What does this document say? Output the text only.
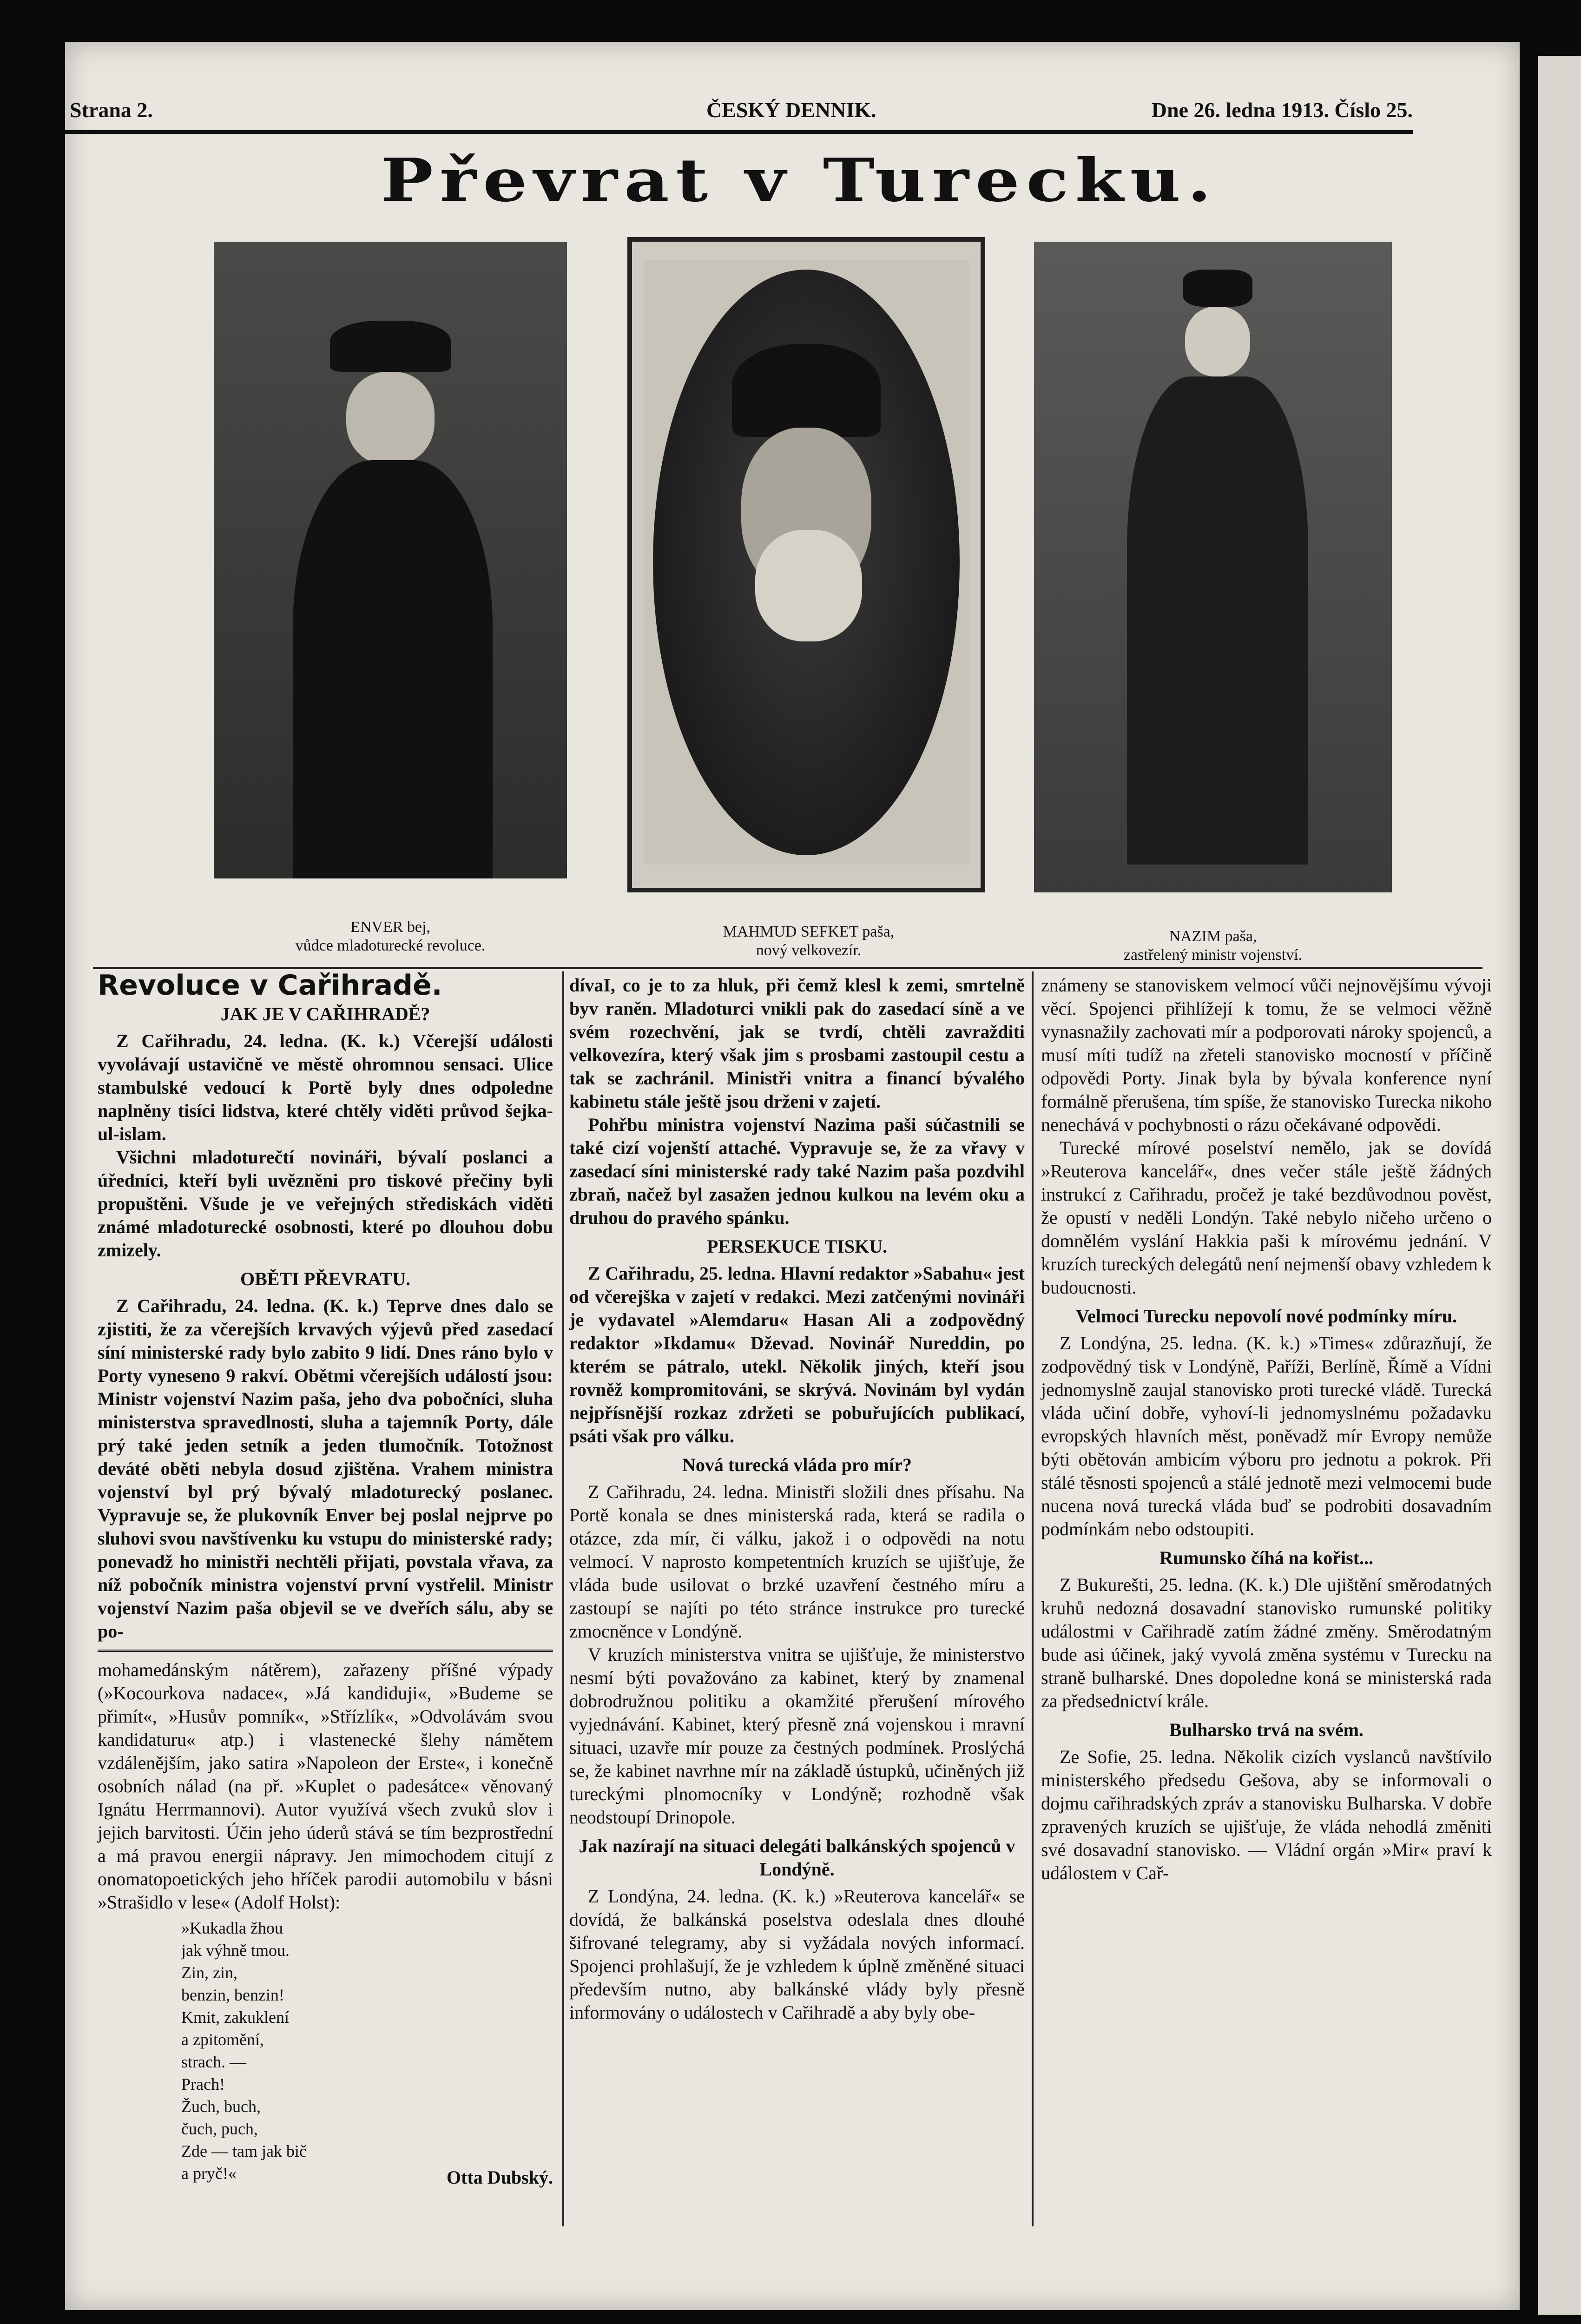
Strana 2.	ČESKÝ DENNIK.	Dne 26. ledna 1913. Číslo 25.
Převrat v Turecku.
ENVER bej,
vůdce mladoturecké revoluce.
MAHMUD SEFKET paša,
nový velkovezír.
NAZIM paša,
zastřelený ministr vojenství.
Revoluce v Cařihradě.
JAK JE V CAŘIHRADĚ?

Z Cařihradu, 24. ledna. (K. k.) Včerejší události vyvolávají ustavičně ve městě ohromnou sensaci. Ulice stambulské vedoucí k Portě byly dnes odpoledne naplněny tisíci lidstva, které chtěly viděti průvod šejka-ul-islam.

Všichni mladoturečtí novináři, bývalí poslanci a úředníci, kteří byli uvězněni pro tiskové přečiny byli propuštěni. Všude je ve veřejných střediskách viděti známé mladoturecké osobnosti, které po dlouhou dobu zmizely.

OBĚTI PŘEVRATU.

Z Cařihradu, 24. ledna. (K. k.) Teprve dnes dalo se zjistiti, že za včerejších krvavých výjevů před zasedací síní ministerské rady bylo zabito 9 lidí. Dnes ráno bylo v Porty vyneseno 9 rakví. Obětmi včerejších událostí jsou: Ministr vojenství Nazim paša, jeho dva pobočníci, sluha ministerstva spravedlnosti, sluha a tajemník Porty, dále prý také jeden setník a jeden tlumočník. Totožnost deváté oběti nebyla dosud zjištěna. Vrahem ministra vojenství byl prý bývalý mladoturecký poslanec. Vypravuje se, že plukovník Enver bej poslal nejprve po sluhovi svou navštívenku ku vstupu do ministerské rady; ponevadž ho ministři nechtěli přijati, povstala vřava, za níž pobočník ministra vojenství první vystřelil. Ministr vojenství Nazim paša objevil se ve dveřích sálu, aby se po-

mohamedánským nátěrem), zařazeny příšné výpady (»Kocourkova nadace«, »Já kandiduji«, »Budeme se přimít«, »Husův pomník«, »Střízlík«, »Odvolávám svou kandidaturu« atp.) i vlastenecké šlehy námětem vzdálenějším, jako satira »Napoleon der Erste«, i konečně osobních nálad (na př. »Kuplet o padesátce« věnovaný Ignátu Herrmannovi). Autor využívá všech zvuků slov i jejich barvitosti. Účin jeho úderů stává se tím bezprostřední a má pravou energii nápravy. Jen mimochodem citují z onomatopoetických jeho hříček parodii automobilu v básni »Strašidlo v lese« (Adolf Holst):

»Kukadla žhou
jak výhně tmou.
Zin, zin,
benzin, benzin!
Kmit, zakuklení
a zpitomění,
strach. —
Prach!
Žuch, buch,
čuch, puch,
Zde — tam jak bič
a pryč!«	Otta Dubský.

dívaI, co je to za hluk, při čemž klesl k zemi, smrtelně byv raněn. Mladoturci vnikli pak do zasedací síně a ve svém rozechvění, jak se tvrdí, chtěli zavražditi velkovezíra, který však jim s prosbami zastoupil cestu a tak se zachránil. Ministři vnitra a financí bývalého kabinetu stále ještě jsou drženi v zajetí.

Pohřbu ministra vojenství Nazima paši súčastnili se také cizí vojenští attaché. Vypravuje se, že za vřavy v zasedací síni ministerské rady také Nazim paša pozdvihl zbraň, načež byl zasažen jednou kulkou na levém oku a druhou do pravého spánku.

PERSEKUCE TISKU.

Z Cařihradu, 25. ledna. Hlavní redaktor »Sabahu« jest od včerejška v zajetí v redakci. Mezi zatčenými novináři je vydavatel »Alemdaru« Hasan Ali a zodpovědný redaktor »Ikdamu« Dževad. Novinář Nureddin, po kterém se pátralo, utekl. Několik jiných, kteří jsou rovněž kompromitováni, se skrývá. Novinám byl vydán nejpřísnější rozkaz zdržeti se pobuřujících publikací, psáti však pro válku.

Nová turecká vláda pro mír?

Z Cařihradu, 24. ledna. Ministři složili dnes přísahu. Na Portě konala se dnes ministerská rada, která se radila o otázce, zda mír, či válku, jakož i o odpovědi na notu velmocí. V naprosto kompetentních kruzích se ujišťuje, že vláda bude usilovat o brzké uzavření čestného míru a zastoupí se najíti po této stránce instrukce pro turecké zmocněnce v Londýně.

V kruzích ministerstva vnitra se ujišťuje, že ministerstvo nesmí býti považováno za kabinet, který by znamenal dobrodružnou politiku a okamžité přerušení mírového vyjednávání. Kabinet, který přesně zná vojenskou i mravní situaci, uzavře mír pouze za čestných podmínek. Proslýchá se, že kabinet navrhne mír na základě ústupků, učiněných již tureckými plnomocníky v Londýně; rozhodně však neodstoupí Drinopole.

Jak nazírají na situaci delegáti balkánských spojenců v Londýně.

Z Londýna, 24. ledna. (K. k.) »Reuterova kancelář« se dovídá, že balkánská poselstva odeslala dnes dlouhé šifrované telegramy, aby si vyžádala nových informací. Spojenci prohlašují, že je vzhledem k úplně změněné situaci především nutno, aby balkánské vlády byly přesně informovány o událostech v Cařihradě a aby byly obe-

známeny se stanoviskem velmocí vůči nejnovějšímu vývoji věcí. Spojenci přihlížejí k tomu, že se velmoci věžně vynasnažily zachovati mír a podporovati nároky spojenců, a musí míti tudíž na zřeteli stanovisko mocností v příčině odpovědi Porty. Jinak byla by bývala konference nyní formálně přerušena, tím spíše, že stanovisko Turecka nikoho nenechává v pochybnosti o rázu očekávané odpovědi.

Turecké mírové poselství nemělo, jak se dovídá »Reuterova kancelář«, dnes večer stále ještě žádných instrukcí z Cařihradu, pročež je také bezdůvodnou pověst, že opustí v neděli Londýn. Také nebylo ničeho určeno o domnělém vyslání Hakkia paši k mírovému jednání. V kruzích tureckých delegátů není nejmenší obavy vzhledem k budoucnosti.

Velmoci Turecku nepovolí nové podmínky míru.

Z Londýna, 25. ledna. (K. k.) »Times« zdůrazňují, že zodpovědný tisk v Londýně, Paříži, Berlíně, Římě a Vídni jednomyslně zaujal stanovisko proti turecké vládě. Turecká vláda učiní dobře, vyhoví-li jednomyslnému požadavku evropských hlavních měst, poněvadž mír Evropy nemůže býti obětován ambicím výboru pro jednotu a pokrok. Při stálé těsnosti spojenců a stálé jednotě mezi velmocemi bude nucena nová turecká vláda buď se podrobiti dosavadním podmínkám nebo odstoupiti.

Rumunsko číhá na kořist...

Z Bukurešti, 25. ledna. (K. k.) Dle ujištění směrodatných kruhů nedozná dosavadní stanovisko rumunské politiky událostmi v Cařihradě zatím žádné změny. Směrodatným bude asi účinek, jaký vyvolá změna systému v Turecku na straně bulharské. Dnes dopoledne koná se ministerská rada za předsednictví krále.

Bulharsko trvá na svém.

Ze Sofie, 25. ledna. Několik cizích vyslanců navštívilo ministerského předsedu Gešova, aby se informovali o dojmu cařihradských zpráv a stanovisku Bulharska. V dobře zpravených kruzích se ujišťuje, že vláda nehodlá změniti své dosavadní stanovisko. — Vládní orgán »Mir« praví k událostem v Cař-
